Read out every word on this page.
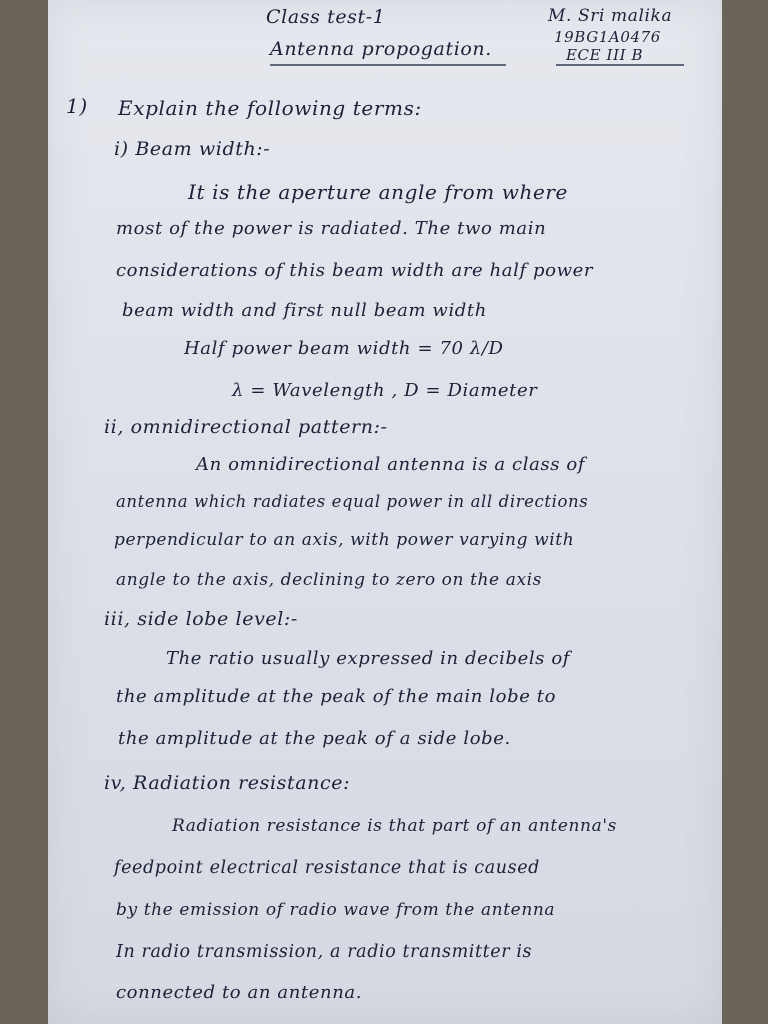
Class test-1
Antenna propogation.
M. Sri malika
19BG1A0476
ECE III B
1) Explain the following terms:
i) Beam width:-
It is the aperture angle from where
most of the power is radiated. The two main
considerations of this beam width are half power
beam width and first null beam width
Half power beam width = 70 λ/D
λ = Wavelength , D = Diameter
ii, omnidirectional pattern:-
An omnidirectional antenna is a class of
antenna which radiates equal power in all directions
perpendicular to an axis, with power varying with
angle to the axis, declining to zero on the axis
iii, side lobe level:-
The ratio usually expressed in decibels of
the amplitude at the peak of the main lobe to
the amplitude at the peak of a side lobe.
iv, Radiation resistance:
Radiation resistance is that part of an antenna's
feedpoint electrical resistance that is caused
by the emission of radio wave from the antenna
In radio transmission, a radio transmitter is
connected to an antenna.
